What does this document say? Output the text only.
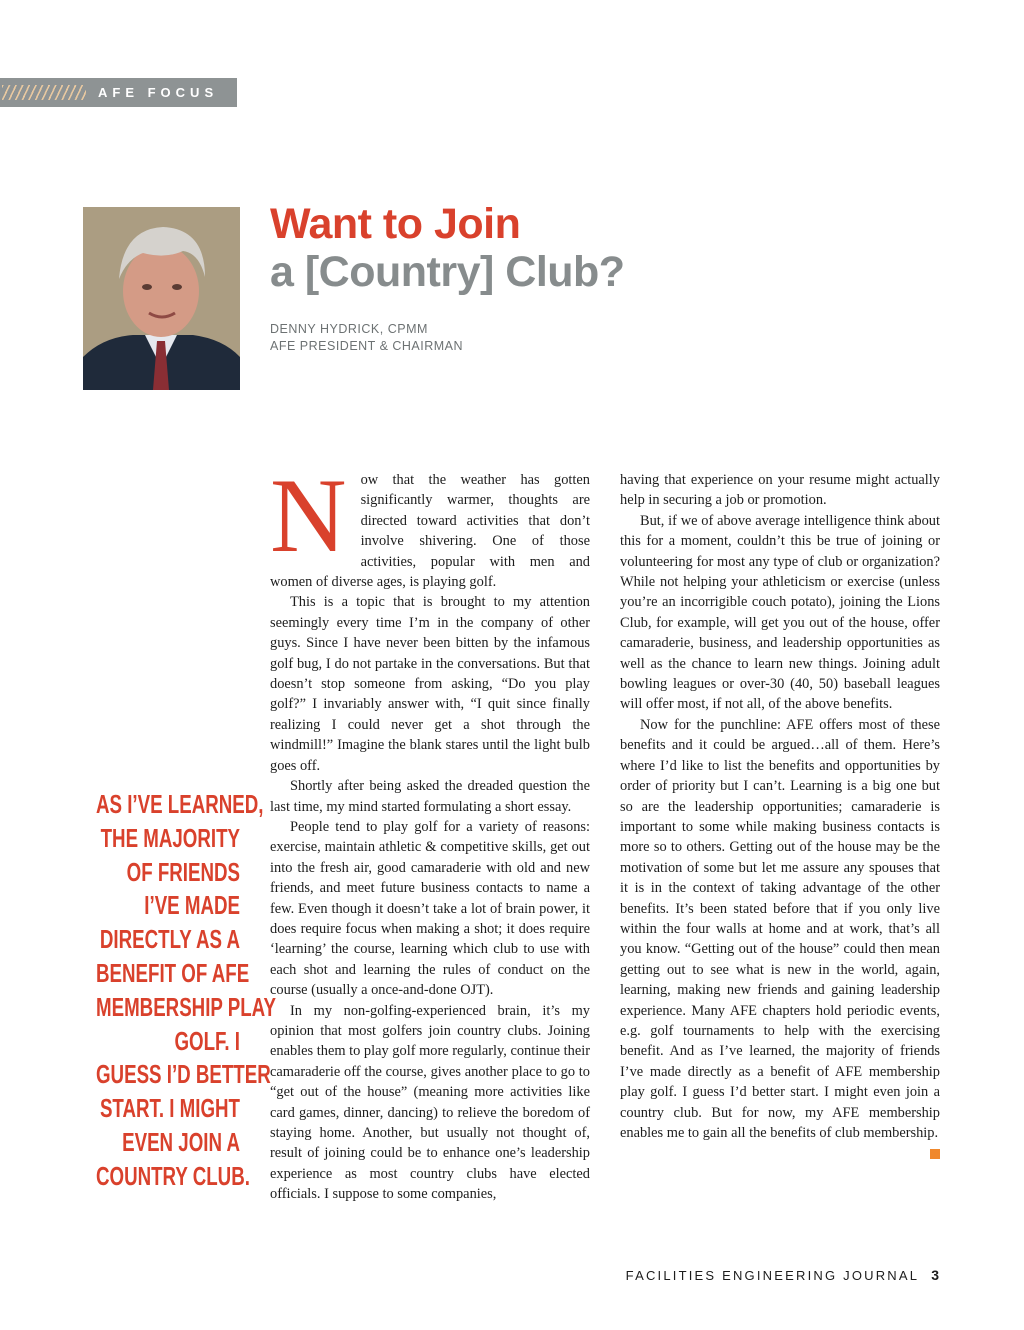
AFE FOCUS
Want to Join
a [Country] Club?
DENNY HYDRICK, CPMM
AFE PRESIDENT & CHAIRMAN
AS I’VE LEARNED,
THE MAJORITY
OF FRIENDS
I’VE MADE
DIRECTLY AS A
BENEFIT OF AFE
MEMBERSHIP PLAY
GOLF. I
GUESS I’D BETTER
START. I MIGHT
EVEN JOIN A
COUNTRY CLUB.

N ow that the weather has gotten significantly warmer, thoughts are directed toward activities that don’t involve shivering. One of those activities, popular with men and women of diverse ages, is playing golf.

This is a topic that is brought to my attention seemingly every time I’m in the company of other guys. Since I have never been bitten by the infamous golf bug, I do not partake in the conversations. But that doesn’t stop someone from asking, “Do you play golf?” I invariably answer with, “I quit since finally realizing I could never get a shot through the windmill!” Imagine the blank stares until the light bulb goes off.

Shortly after being asked the dreaded question the last time, my mind started formulating a short essay.

People tend to play golf for a variety of reasons: exercise, maintain athletic & competitive skills, get out into the fresh air, good camaraderie with old and new friends, and meet future business contacts to name a few. Even though it doesn’t take a lot of brain power, it does require focus when making a shot; it does require ‘learning’ the course, learning which club to use with each shot and learning the rules of conduct on the course (usually a once-and-done OJT).

In my non-golfing-experienced brain, it’s my opinion that most golfers join country clubs. Joining enables them to play golf more regularly, continue their camaraderie off the course, gives another place to go to “get out of the house” (meaning more activities like card games, dinner, dancing) to relieve the boredom of staying home. Another, but usually not thought of, result of joining could be to enhance one’s leadership experience as most country clubs have elected officials. I suppose to some companies,

having that experience on your resume might actually help in securing a job or promotion.

But, if we of above average intelligence think about this for a moment, couldn’t this be true of joining or volunteering for most any type of club or organization? While not helping your athleticism or exercise (unless you’re an incorrigible couch potato), joining the Lions Club, for example, will get you out of the house, offer camaraderie, business, and leadership opportunities as well as the chance to learn new things. Joining adult bowling leagues or over-30 (40, 50) baseball leagues will offer most, if not all, of the above benefits.

Now for the punchline: AFE offers most of these benefits and it could be argued…all of them. Here’s where I’d like to list the benefits and opportunities by order of priority but I can’t. Learning is a big one but so are the leadership opportunities; camaraderie is important to some while making business contacts is more so to others. Getting out of the house may be the motivation of some but let me assure any spouses that it is in the context of taking advantage of the other benefits. It’s been stated before that if you only live within the four walls at home and at work, that’s all you know. “Getting out of the house” could then mean getting out to see what is new in the world, again, learning, making new friends and gaining leadership experience. Many AFE chapters hold periodic events, e.g. golf tournaments to help with the exercising benefit. And as I’ve learned, the majority of friends I’ve made directly as a benefit of AFE membership play golf. I guess I’d better start. I might even join a country club. But for now, my AFE membership enables me to gain all the benefits of club membership.

FACILITIES ENGINEERING JOURNAL 3
